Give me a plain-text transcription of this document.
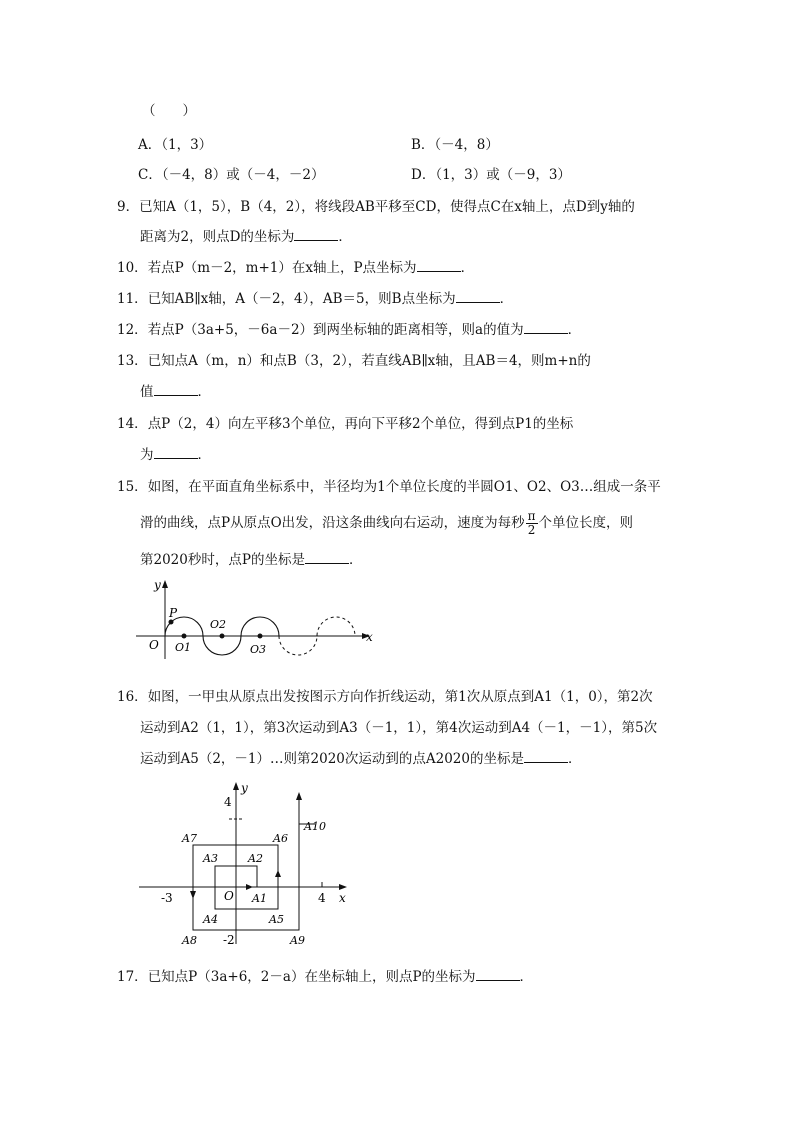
（　　）
A．（1，3）	B．（－4，8）
C．（－4，8）或（－4，－2）	D．（1，3）或（－9，3）
9．已知A（1，5），B（4，2），将线段AB平移至CD，使得点C在x轴上，点D到y轴的
距离为2，则点D的坐标为	．
10．若点P（m－2，m+1）在x轴上，P点坐标为	．
11．已知AB∥x轴，A（－2，4），AB＝5，则B点坐标为	．
12．若点P（3a+5，－6a－2）到两坐标轴的距离相等，则a的值为	．
13．已知点A（m，n）和点B（3，2），若直线AB∥x轴，且AB＝4，则m+n的
值	．
14．点P（2，4）向左平移3个单位，再向下平移2个单位，得到点P1的坐标
为	．
15．如图，在平面直角坐标系中，半径均为1个单位长度的半圆O1、O2、O3…组成一条平
滑的曲线，点P从原点O出发，沿这条曲线向右运动，速度为每秒 $\frac{\pi}{2}$ 个单位长度，则
第2020秒时，点P的坐标是	．
y
x
O
P
O1
O2
O3
16．如图，一甲虫从原点出发按图示方向作折线运动，第1次从原点到A1（1，0），第2次
运动到A2（1，1），第3次运动到A3（－1，1），第4次运动到A4（－1，－1），第5次
运动到A5（2，－1）…则第2020次运动到的点A2020的坐标是	．
y
x
O
4
4
-3
-2
A1
A2
A3
A4	A5
A6
A7
A8	A9
A10
17．已知点P（3a+6，2－a）在坐标轴上，则点P的坐标为	．
